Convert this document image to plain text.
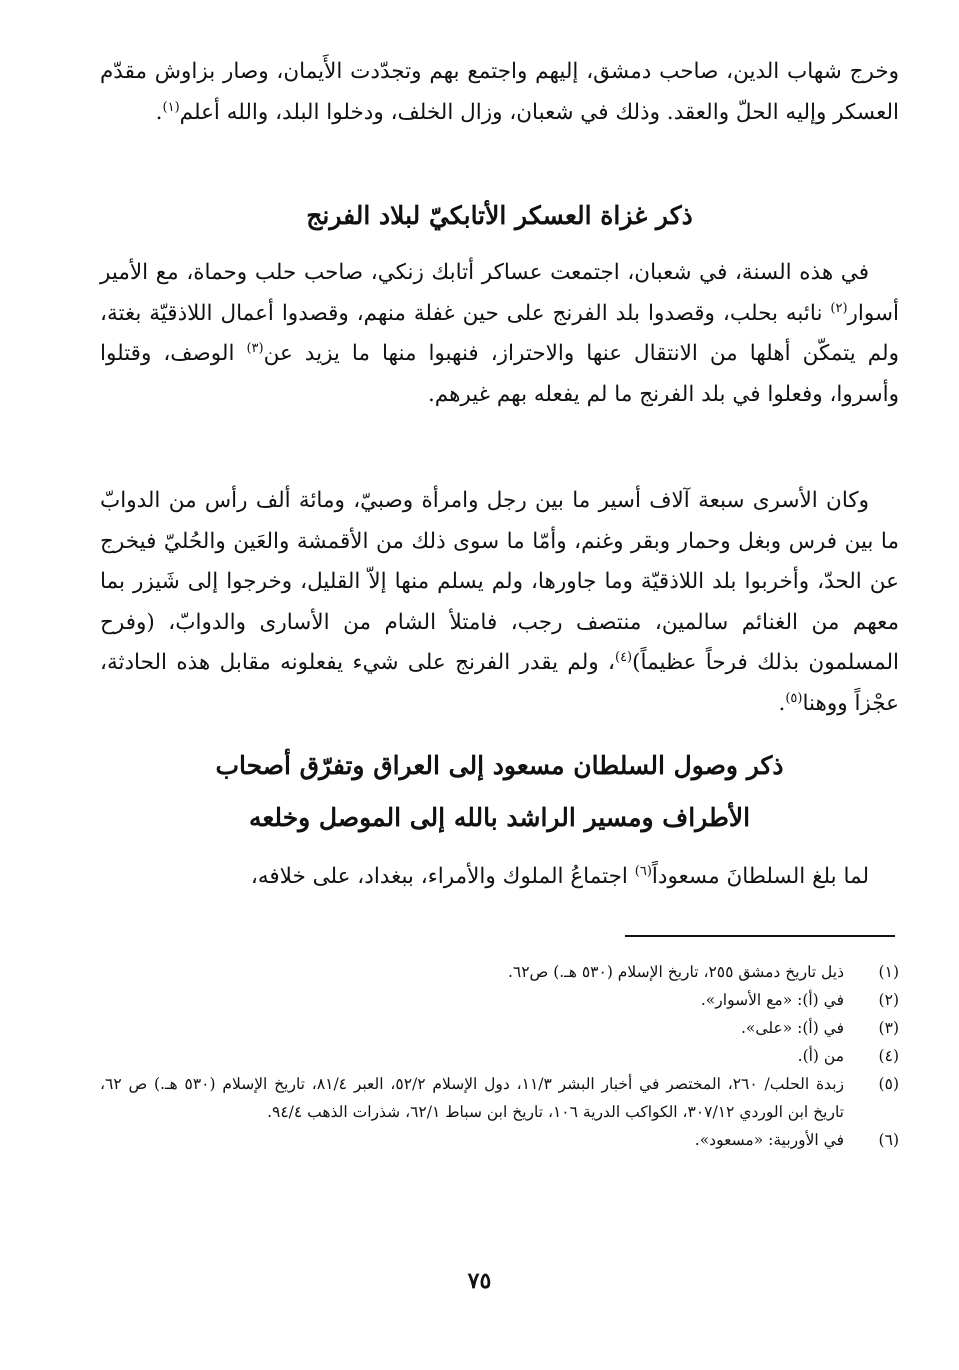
وخرج شهاب الدين، صاحب دمشق، إليهم واجتمع بهم وتجدّدت الأَيمان، وصار بزاوش مقدّم العسكر وإليه الحلّ والعقد. وذلك في شعبان، وزال الخلف، ودخلوا البلد، والله أعلم$^{(١)}$.

ذكر غزاة العسكر الأتابكيّ لبلاد الفرنج

في هذه السنة، في شعبان، اجتمعت عساكر أتابك زنكي، صاحب حلب وحماة، مع الأمير أسوار$^{(٢)}$ نائبه بحلب، وقصدوا بلد الفرنج على حين غفلة منهم، وقصدوا أعمال اللاذقيّة بغتة، ولم يتمكّن أهلها من الانتقال عنها والاحتراز، فنهبوا منها ما يزيد عن$^{(٣)}$ الوصف، وقتلوا وأسروا، وفعلوا في بلد الفرنج ما لم يفعله بهم غيرهم.

وكان الأسرى سبعة آلاف أسير ما بين رجل وامرأة وصبيّ، ومائة ألف رأس من الدوابّ ما بين فرس وبغل وحمار وبقر وغنم، وأمّا ما سوى ذلك من الأقمشة والعَين والحُليّ فيخرج عن الحدّ، وأخربوا بلد اللاذقيّة وما جاورها، ولم يسلم منها إلاّ القليل، وخرجوا إلى شَيزر بما معهم من الغنائم سالمين، منتصف رجب، فامتلأ الشام من الأسارى والدوابّ، (وفرح المسلمون بذلك فرحاً عظيماً)$^{(٤)}$، ولم يقدر الفرنج على شيء يفعلونه مقابل هذه الحادثة، عجْزاً ووهنا$^{(٥)}$.

ذكر وصول السلطان مسعود إلى العراق وتفرّق أصحاب
الأطراف ومسير الراشد بالله إلى الموصل وخلعه

لما بلغ السلطانَ مسعوداً$^{(٦)}$ اجتماعُ الملوك والأمراء، ببغداد، على خلافه،

(١)
ذيل تاريخ دمشق ٢٥٥، تاريخ الإسلام (٥٣٠ هـ.) ص٦٢.
(٢)
في (أ): «مع الأسوار».
(٣)
في (أ): «على».
(٤)
من (أ).
(٥)
زبدة الحلب/ ٢٦٠، المختصر في أخبار البشر ١١/٣، دول الإسلام ٥٢/٢، العبر ٨١/٤، تاريخ الإسلام (٥٣٠ هـ.) ص ٦٢، تاريخ ابن الوردي ٣٠٧/١٢، الكواكب الدرية ١٠٦، تاريخ ابن سباط ٦٢/١، شذرات الذهب ٩٤/٤.
(٦)
في الأوربية: «مسعود».
٧٥
